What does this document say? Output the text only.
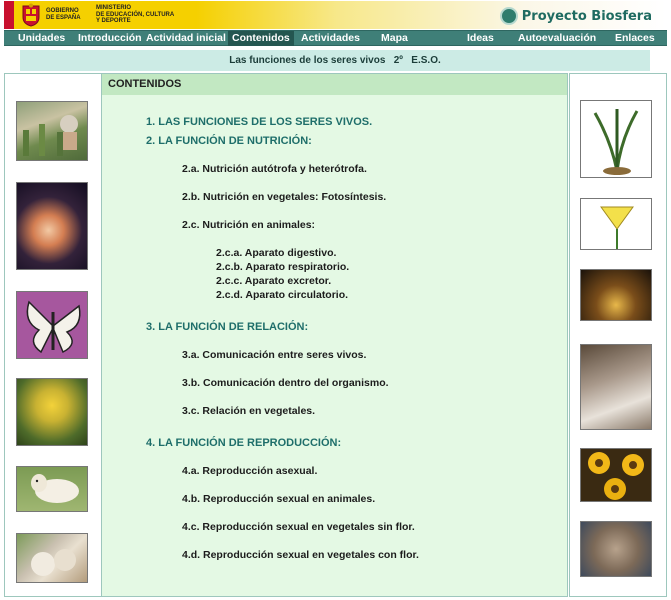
GOBIERNO
DE ESPAÑA
MINISTERIO
DE EDUCACIÓN, CULTURA
Y DEPORTE	Proyecto Biosfera
Unidades Introducción Actividad inicial Contenidos	Actividades Mapa	Ideas Autoevaluación Enlaces
Las funciones de los seres vivos   2º   E.S.O.
CONTENIDOS
1. LAS FUNCIONES DE LOS SERES VIVOS.
2. LA FUNCIÓN DE NUTRICIÓN:
2.a. Nutrición autótrofa y heterótrofa.
2.b. Nutrición en vegetales: Fotosíntesis.
2.c. Nutrición en animales:
2.c.a. Aparato digestivo.
2.c.b. Aparato respiratorio.
2.c.c. Aparato excretor.
2.c.d. Aparato circulatorio.
3. LA FUNCIÓN DE RELACIÓN:
3.a. Comunicación entre seres vivos.
3.b. Comunicación dentro del organismo.
3.c. Relación en vegetales.
4. LA FUNCIÓN DE REPRODUCCIÓN:
4.a. Reproducción asexual.
4.b. Reproducción sexual en animales.
4.c. Reproducción sexual en vegetales sin flor.
4.d. Reproducción sexual en vegetales con flor.
